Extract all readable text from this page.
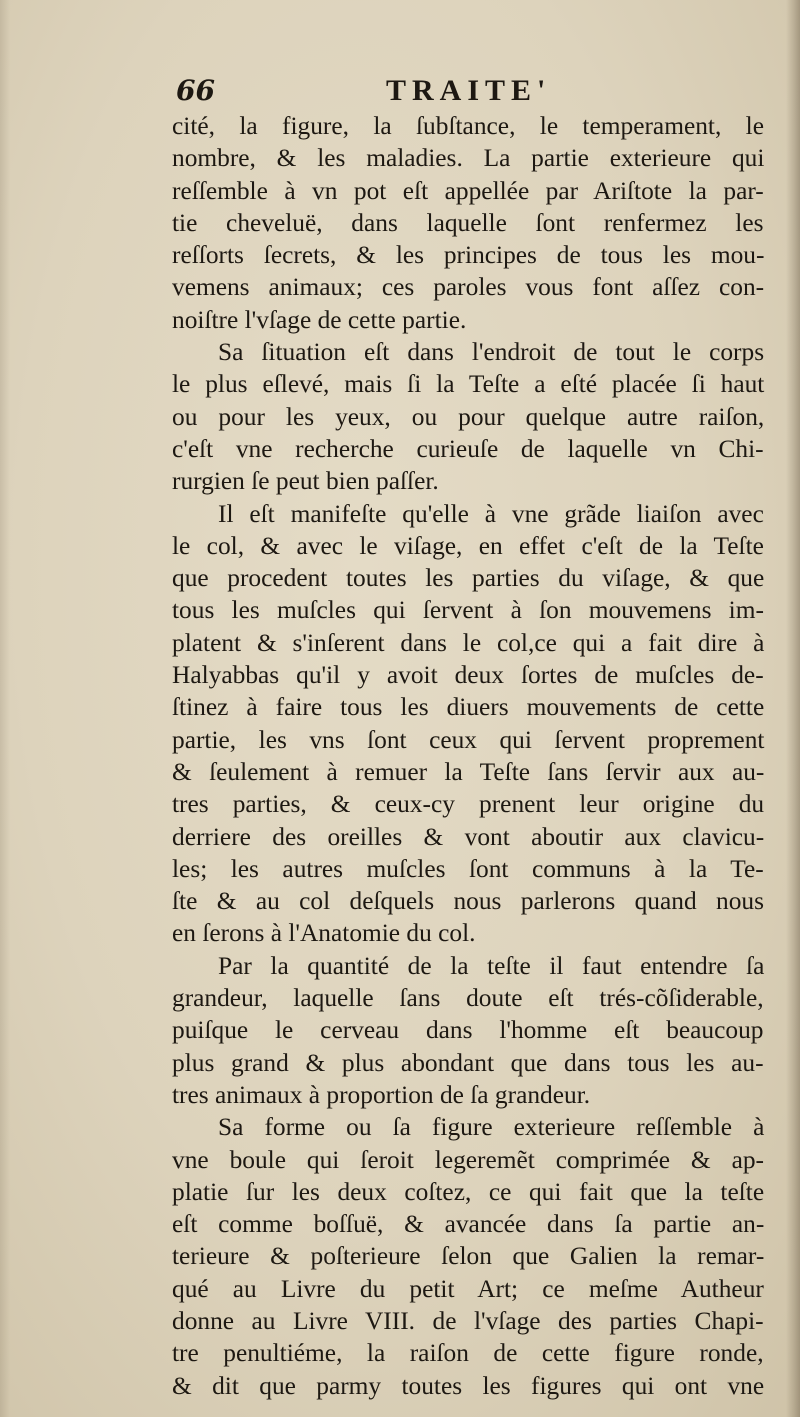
66	TRAITE'
cité, la figure, la ſubſtance, le temperament, le
nombre, & les maladies. La partie exterieure qui
reſſemble à vn pot eſt appellée par Ariſtote la par-
tie cheveluë, dans laquelle ſont renfermez les
reſſorts ſecrets, & les principes de tous les mou-
vemens animaux; ces paroles vous font aſſez con-
noiſtre l'vſage de cette partie.
Sa ſituation eſt dans l'endroit de tout le corps
le plus eſlevé, mais ſi la Teſte a eſté placée ſi haut
ou pour les yeux, ou pour quelque autre raiſon,
c'eſt vne recherche curieuſe de laquelle vn Chi-
rurgien ſe peut bien paſſer.
Il eſt manifeſte qu'elle à vne grãde liaiſon avec
le col, & avec le viſage, en effet c'eſt de la Teſte
que procedent toutes les parties du viſage, & que
tous les muſcles qui ſervent à ſon mouvemens im-
platent & s'inſerent dans le col,ce qui a fait dire à
Halyabbas qu'il y avoit deux ſortes de muſcles de-
ſtinez à faire tous les diuers mouvements de cette
partie, les vns ſont ceux qui ſervent proprement
& ſeulement à remuer la Teſte ſans ſervir aux au-
tres parties, & ceux-cy prenent leur origine du
derriere des oreilles & vont aboutir aux clavicu-
les; les autres muſcles ſont communs à la Te-
ſte & au col deſquels nous parlerons quand nous
en ſerons à l'Anatomie du col.
Par la quantité de la teſte il faut entendre ſa
grandeur, laquelle ſans doute eſt trés-cõſiderable,
puiſque le cerveau dans l'homme eſt beaucoup
plus grand & plus abondant que dans tous les au-
tres animaux à proportion de ſa grandeur.
Sa forme ou ſa figure exterieure reſſemble à
vne boule qui ſeroit legeremẽt comprimée & ap-
platie ſur les deux coſtez, ce qui fait que la teſte
eſt comme boſſuë, & avancée dans ſa partie an-
terieure & poſterieure ſelon que Galien la remar-
qué au Livre du petit Art; ce meſme Autheur
donne au Livre VIII. de l'vſage des parties Chapi-
tre penultiéme, la raiſon de cette figure ronde,
& dit que parmy toutes les figures qui ont vne
